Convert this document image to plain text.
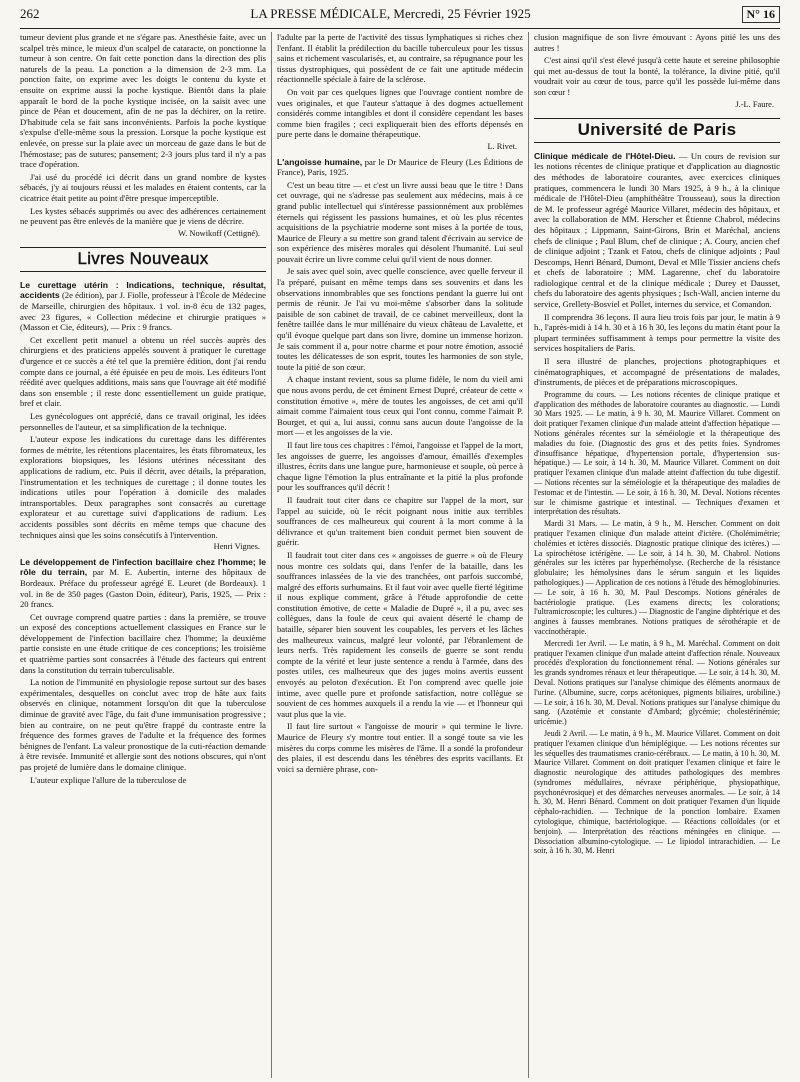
262	LA PRESSE MÉDICALE, Mercredi, 25 Février 1925	N° 16

tumeur devient plus grande et ne s'égare pas. Anesthésie faite, avec un scalpel très mince, le mieux d'un scalpel de cataracte, on ponctionne la tumeur à son centre. On fait cette ponction dans la direction des plis naturels de la peau. La ponction a la dimension de 2-3 mm. La ponction faite, on exprime avec les doigts le contenu du kyste et ensuite on exprime aussi la poche kystique. Bientôt dans la plaie apparaît le bord de la poche kystique incisée, on la saisit avec une pince de Péan et doucement, afin de ne pas la déchirer, on la retire. D'habitude cela se fait sans inconvénients. Parfois la poche kystique s'expulse d'elle-même sous la pression. Lorsque la poche kystique est enlevée, on presse sur la plaie avec un morceau de gaze dans le but de l'hémostase; pas de sutures; pansement; 2-3 jours plus tard il n'y a pas trace d'opération.

J'ai usé du procédé ici décrit dans un grand nombre de kystes sébacés, j'y ai toujours réussi et les malades en étaient contents, car la cicatrice était petite au point d'être presque imperceptible.

Les kystes sébacés supprimés ou avec des adhérences certainement ne peuvent pas être enlevés de la manière que je viens de décrire.

W. Nowikoff (Cettigné).
Livres Nouveaux

Le curettage utérin : Indications, technique, résultat, accidents (2e édition), par J. Fiolle, professeur à l'École de Médecine de Marseille, chirurgien des hôpitaux. 1 vol. in-8 écu de 132 pages, avec 23 figures, « Collection médecine et chirurgie pratiques » (Masson et Cie, éditeurs), — Prix : 9 francs.

Cet excellent petit manuel a obtenu un réel succès auprès des chirurgiens et des praticiens appelés souvent à pratiquer le curettage d'urgence et ce succès a été tel que la première édition, dont j'ai rendu compte dans ce journal, a été épuisée en peu de mois. Les éditeurs l'ont réédité avec quelques additions, mais sans que l'ouvrage ait été modifié dans son ensemble ; il reste donc essentiellement un guide pratique, bref et clair.

Les gynécologues ont apprécié, dans ce travail original, les idées personnelles de l'auteur, et sa simplification de la technique.

L'auteur expose les indications du curettage dans les différentes formes de métrite, les rétentions placentaires, les états fibromateux, les explorations biopsiques, les lésions utérines nécessitant des applications de radium, etc. Puis il décrit, avec détails, la préparation, l'instrumentation et les techniques de curettage ; il donne toutes les indications utiles pour l'opération à domicile des malades intransportables. Deux paragraphes sont consacrés au curettage explorateur et au curettage suivi d'applications de radium. Les accidents possibles sont décrits en même temps que chacune des techniques ainsi que les soins consécutifs à l'intervention.

Henri Vignes.

Le développement de l'infection bacillaire chez l'homme; le rôle du terrain, par M. E. Aubertin, interne des hôpitaux de Bordeaux. Préface du professeur agrégé E. Leuret (de Bordeaux). 1 vol. in 8e de 350 pages (Gaston Doin, éditeur), Paris, 1925, — Prix : 20 francs.

Cet ouvrage comprend quatre parties : dans la première, se trouve un exposé des conceptions actuellement classiques en France sur le développement de l'infection bacillaire chez l'homme; la deuxième partie consiste en une étude critique de ces conceptions; les troisième et quatrième parties sont consacrées à l'étude des facteurs qui entrent dans la constitution du terrain tuberculisable.

La notion de l'immunité en physiologie repose surtout sur des bases expérimentales, desquelles on conclut avec trop de hâte aux faits observés en clinique, notamment lorsqu'on dit que la tuberculose diminue de gravité avec l'âge, du fait d'une immunisation progressive ; bien au contraire, on ne peut qu'être frappé du contraste entre la fréquence des formes graves de l'adulte et la fréquence des formes bénignes de l'enfant. La valeur pronostique de la cuti-réaction demande à être revisée. Immunité et allergie sont des notions obscures, qui n'ont pas projeté de lumière dans le domaine clinique.

L'auteur explique l'allure de la tuberculose de

l'adulte par la perte de l'activité des tissus lymphatiques si riches chez l'enfant. Il établit la prédilection du bacille tuberculeux pour les tissus sains et richement vascularisés, et, au contraire, sa répugnance pour les tissus dystrophiques, qui possèdent de ce fait une aptitude médecin réactionnelle spéciale à faire de la sclérose.

On voit par ces quelques lignes que l'ouvrage contient nombre de vues originales, et que l'auteur s'attaque à des dogmes actuellement considérés comme intangibles et dont il considère cependant les bases comme bien fragiles ; ceci expliquerait bien des efforts dépensés en pure perte dans le domaine thérapeutique.

L. Rivet.

L'angoisse humaine, par le Dr Maurice de Fleury (Les Éditions de France), Paris, 1925.

C'est un beau titre — et c'est un livre aussi beau que le titre ! Dans cet ouvrage, qui ne s'adresse pas seulement aux médecins, mais à ce grand public intellectuel qui s'intéresse passionnément aux problèmes éternels qui régissent les passions humaines, et où les plus récentes acquisitions de la psychiatrie moderne sont mises à la portée de tous, Maurice de Fleury a su mettre son grand talent d'écrivain au service de son expérience des misères morales qui désolent l'humanité. Lui seul pouvait écrire un livre comme celui qu'il vient de nous donner.

Je sais avec quel soin, avec quelle conscience, avec quelle ferveur il l'a préparé, puisant en même temps dans ses souvenirs et dans les observations innombrables que ses fonctions pendant la guerre lui ont permis de réunir. Je l'ai vu moi-même s'absorber dans la solitude paisible de son cabinet de travail, de ce cabinet merveilleux, dont la fenêtre taillée dans le mur millénaire du vieux château de Lavalette, et qu'il évoque quelque part dans son livre, domine un immense horizon. Je sais comment il a, pour notre charme et pour notre émotion, associé toutes les délicatesses de son esprit, toutes les harmonies de son style, toute la pitié de son cœur.

A chaque instant revient, sous sa plume fidèle, le nom du vieil ami que nous avons perdu, de cet éminent Ernest Dupré, créateur de cette « constitution émotive », mère de toutes les angoisses, de cet ami qu'il aimait comme l'aimaient tous ceux qui l'ont connu, comme l'aimait P. Bourget, et qui a, lui aussi, connu sans aucun doute l'angoisse de la mort — et les angoisses de la vie.

Il faut lire tous ces chapitres : l'émoi, l'angoisse et l'appel de la mort, les angoisses de guerre, les angoisses d'amour, émaillés d'exemples illustres, écrits dans une langue pure, harmonieuse et souple, où perce à chaque ligne l'émotion la plus entraînante et la pitié la plus profonde pour les souffrances qu'il décrit !

Il faudrait tout citer dans ce chapitre sur l'appel de la mort, sur l'appel au suicide, où le récit poignant nous initie aux terribles souffrances de ces malheureux qui courent à la mort comme à la délivrance et qu'un traitement bien conduit permet bien souvent de guérir.

Il faudrait tout citer dans ces « angoisses de guerre » où de Fleury nous montre ces soldats qui, dans l'enfer de la bataille, dans les souffrances inlassées de la vie des tranchées, ont parfois succombé, malgré des efforts surhumains. Et il faut voir avec quelle fierté légitime il nous explique comment, grâce à l'étude approfondie de cette constitution émotive, de cette « Maladie de Dupré », il a pu, avec ses collègues, dans la foule de ceux qui avaient déserté le champ de bataille, séparer bien souvent les coupables, les pervers et les lâches des malheureux vaincus, malgré leur volonté, par l'ébranlement de leurs nerfs. Très rapidement les conseils de guerre se sont rendu compte de la vérité et leur juste sentence a rendu à l'armée, dans des postes utiles, ces malheureux que des juges moins avertis eussent envoyés au peloton d'exécution. Et l'on comprend avec quelle joie intime, avec quelle pure et profonde satisfaction, notre collègue se souvient de ces hommes auxquels il a rendu la vie — et l'honneur qui vaut plus que la vie.

Il faut lire surtout « l'angoisse de mourir » qui termine le livre. Maurice de Fleury s'y montre tout entier. Il a songé toute sa vie les misères du corps comme les misères de l'âme. Il a sondé la profondeur des plaies, il est descendu dans les ténèbres des esprits vacillants. Et voici sa dernière phrase, con-

clusion magnifique de son livre émouvant : Ayons pitié les uns des autres !

C'est ainsi qu'il s'est élevé jusqu'à cette haute et sereine philosophie qui met au-dessus de tout la bonté, la tolérance, la divine pitié, qu'il voudrait voir au cœur de tous, parce qu'il les possède lui-même dans son cœur !

J.-L. Faure.
Université de Paris

Clinique médicale de l'Hôtel-Dieu. — Un cours de revision sur les notions récentes de clinique pratique et d'application au diagnostic des méthodes de laboratoire courantes, avec exercices cliniques pratiques, commencera le lundi 30 Mars 1925, à 9 h., à la clinique médicale de l'Hôtel-Dieu (amphithéâtre Trousseau), sous la direction de M. le professeur agrégé Maurice Villaret, médecin des hôpitaux, et avec la collaboration de MM. Herscher et Étienne Chabrol, médecins des hôpitaux ; Lippmann, Saint-Girons, Brin et Maréchal, anciens chefs de clinique ; Paul Blum, chef de clinique ; A. Coury, ancien chef de clinique adjoint ; Tzank et Fatou, chefs de clinique adjoints ; Paul Descomps, Henri Bénard, Dumont, Deval et Mlle Tissier anciens chefs et chefs de laboratoire ; MM. Lagarenne, chef du laboratoire radiologique central et de la clinique médicale ; Durey et Dausset, chefs du laboratoire des agents physiques ; Isch-Wall, ancien interne du service, Grellety-Bosviel et Pollet, internes du service, et Comandon.

Il comprendra 36 leçons. Il aura lieu trois fois par jour, le matin à 9 h., l'après-midi à 14 h. 30 et à 16 h 30, les leçons du matin étant pour la plupart terminées suffisamment à temps pour permettre la visite des services hospitaliers de Paris.

Il sera illustré de planches, projections photographiques et cinématographiques, et accompagné de présentations de malades, d'instruments, de pièces et de préparations microscopiques.

Programme du cours. — Les notions récentes de clinique pratique et d'application des méthodes de laboratoire courantes au diagnostic. — Lundi 30 Mars 1925. — Le matin, à 9 h. 30, M. Maurice Villaret. Comment on doit pratiquer l'examen clinique d'un malade atteint d'affection hépatique — Notions générales récentes sur la séméiologie et la thérapeutique des maladies du foie. (Diagnostic des gros et des petits foies. Syndromes d'insuffisance hépatique, d'hypertension portale, d'hypertension sus-hépatique.) — Le soir, à 14 h. 30, M. Maurice Villaret. Comment on doit pratiquer l'examen clinique d'un malade atteint d'affection du tube digestif. — Notions récentes sur la séméiologie et la thérapeutique des maladies de l'estomac et de l'intestin. — Le soir, à 16 h. 30, M. Deval. Notions récentes sur le chimisme gastrique et intestinal. — Techniques d'examen et interprétation des résultats.

Mardi 31 Mars. — Le matin, à 9 h., M. Herscher. Comment on doit pratiquer l'examen clinique d'un malade atteint d'ictère. (Cholémimétrie; cholémies et ictères dissociés. Diagnostic pratique clinique des ictères.) — La spirochétose ictérigène. — Le soir, à 14 h. 30, M. Chabrol. Notions générales sur les ictères par hyperhémolyse. (Recherche de la résistance globulaire; les hémolysines dans le sérum sanguin et les liquides pathologiques.) — Application de ces notions à l'étude des hémoglobinuries. — Le soir, à 16 h. 30, M. Paul Descomps. Notions générales de bactériologie pratique. (Les examens directs; les colorations; l'ultramicroscopie; les cultures.) — Diagnostic de l'angine diphtérique et des angines à fausses membranes. Notions pratiques de sérothérapie et de vaccinothérapie.

Mercredi 1er Avril. — Le matin, à 9 h., M. Maréchal. Comment on doit pratiquer l'examen clinique d'un malade atteint d'affection rénale. Nouveaux procédés d'exploration du fonctionnement rénal. — Notions générales sur les grands syndromes rénaux et leur thérapeutique. — Le soir, à 14 h. 30, M. Deval. Notions pratiques sur l'analyse chimique des éléments anormaux de l'urine. (Albumine, sucre, corps acétoniques, pigments biliaires, urobiline.) — Le soir, à 16 h. 30, M. Deval. Notions pratiques sur l'analyse chimique du sang. (Azotémie et constante d'Ambard; glycémie; cholestérinémie; uricémie.)

Jeudi 2 Avril. — Le matin, à 9 h., M. Maurice Villaret. Comment on doit pratiquer l'examen clinique d'un hémiplégique. — Les notions récentes sur les séquelles des traumatismes cranio-cérébraux. — Le matin, à 10 h. 30, M. Maurice Villaret. Comment on doit pratiquer l'examen clinique et faire le diagnostic neurologique des attitudes pathologiques des membres (syndromes médullaires, névraxe périphérique, physiopathique, psychonévrosique) et des démarches nerveuses anormales. — Le soir, à 14 h. 30, M. Henri Bénard. Comment on doit pratiquer l'examen d'un liquide céphalo-rachidien. — Technique de la ponction lombaire. Examen cytologique, chimique, bactériologique. — Réactions colloïdales (or et benjoin). — Interprétation des réactions méningées en clinique. — Dissociation albumino-cytologique. — Le lipiodol intrarachidien. — Le soir, à 16 h. 30, M. Henri
